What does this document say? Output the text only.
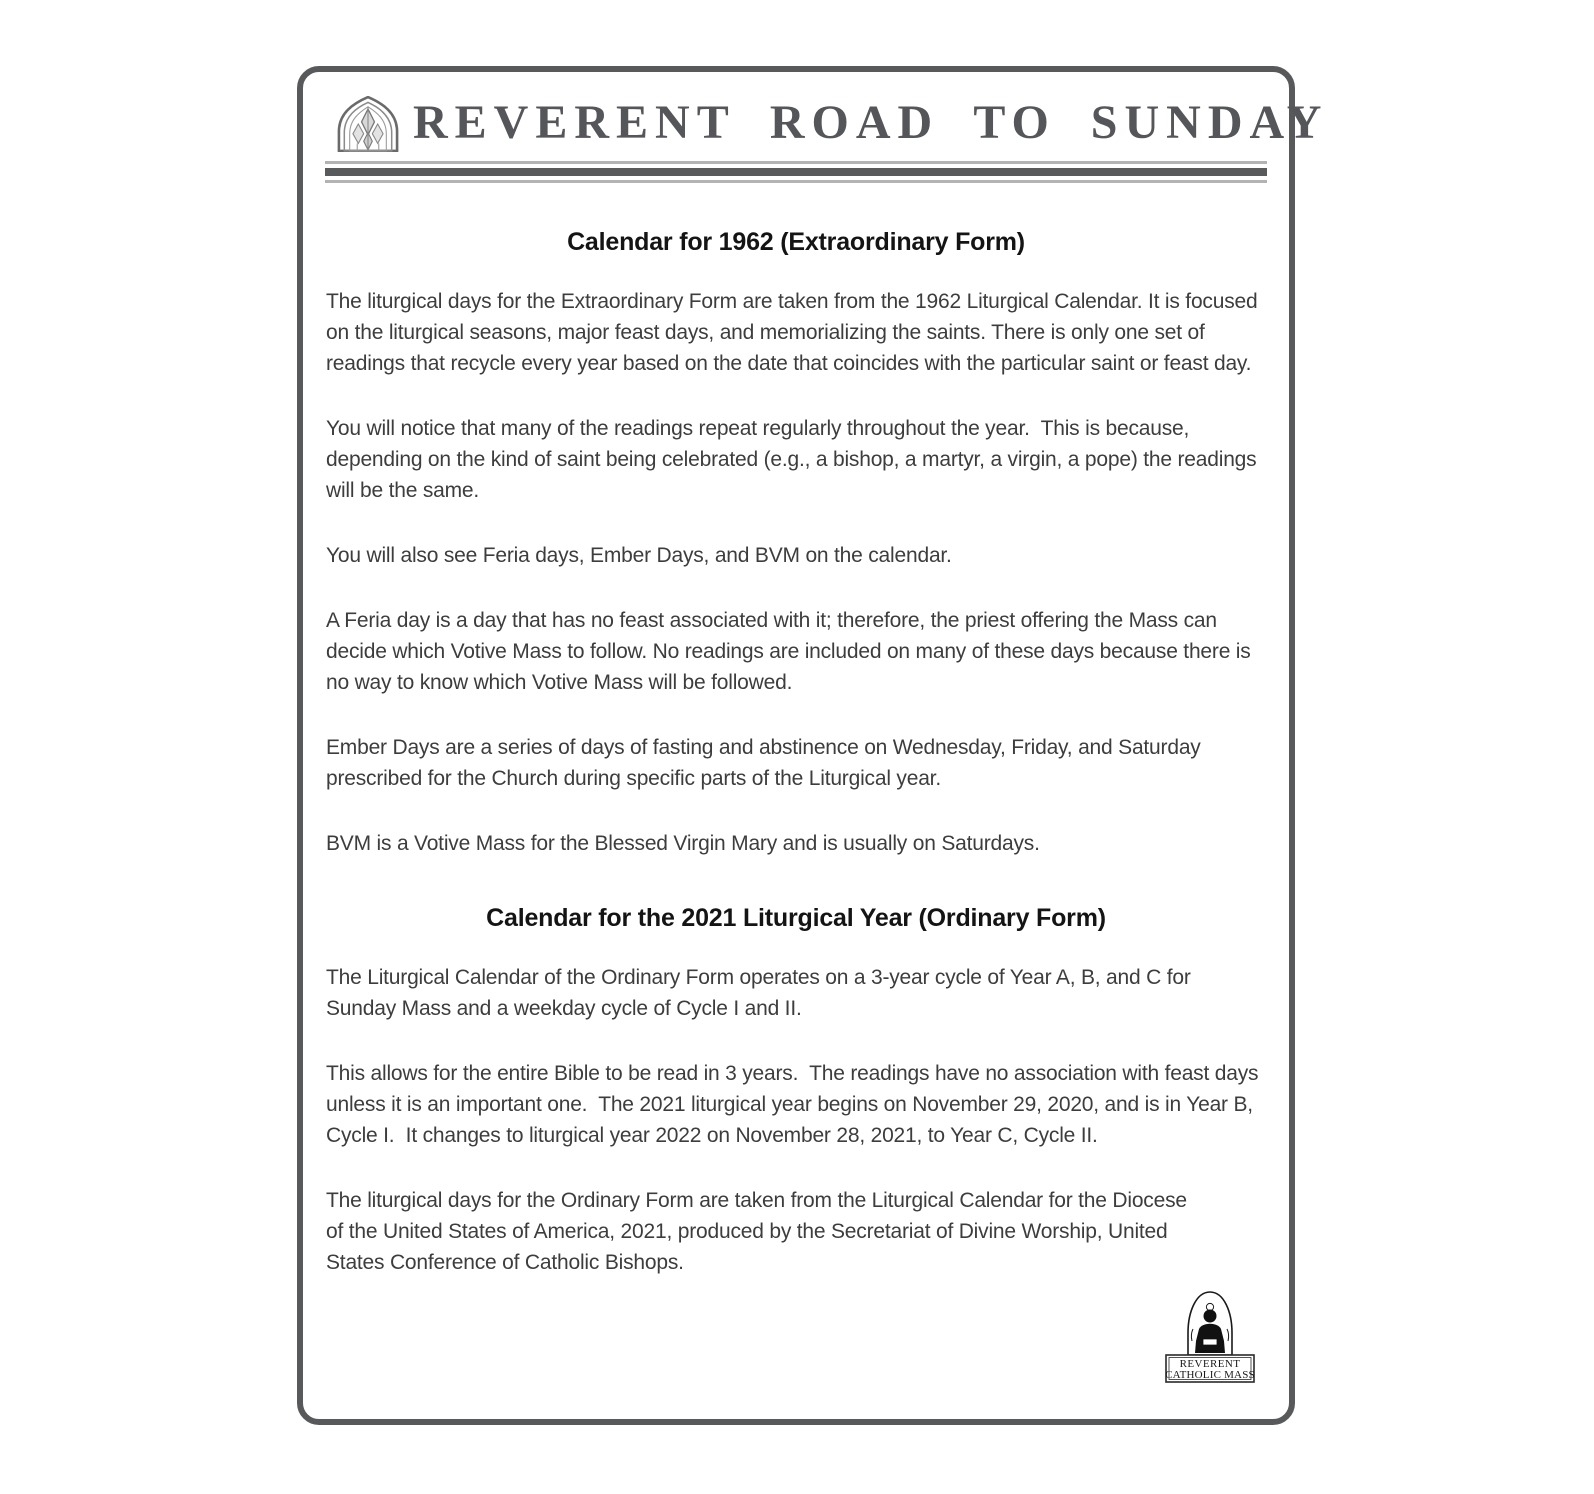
REVERENT ROAD TO SUNDAY
Calendar for 1962 (Extraordinary Form)

The liturgical days for the Extraordinary Form are taken from the 1962 Liturgical Calendar. It is focused on the liturgical seasons, major feast days, and memorializing the saints. There is only one set of readings that recycle every year based on the date that coincides with the particular saint or feast day.

You will notice that many of the readings repeat regularly throughout the year.  This is because, depending on the kind of saint being celebrated (e.g., a bishop, a martyr, a virgin, a pope) the readings will be the same.

You will also see Feria days, Ember Days, and BVM on the calendar.

A Feria day is a day that has no feast associated with it; therefore, the priest offering the Mass can decide which Votive Mass to follow. No readings are included on many of these days because there is no way to know which Votive Mass will be followed.

Ember Days are a series of days of fasting and abstinence on Wednesday, Friday, and Saturday prescribed for the Church during specific parts of the Liturgical year.

BVM is a Votive Mass for the Blessed Virgin Mary and is usually on Saturdays.

Calendar for the 2021 Liturgical Year (Ordinary Form)

The Liturgical Calendar of the Ordinary Form operates on a 3-year cycle of Year A, B, and C for Sunday Mass and a weekday cycle of Cycle I and II.

This allows for the entire Bible to be read in 3 years.  The readings have no association with feast days unless it is an important one.  The 2021 liturgical year begins on November 29, 2020, and is in Year B, Cycle I.  It changes to liturgical year 2022 on November 28, 2021, to Year C, Cycle II.

The liturgical days for the Ordinary Form are taken from the Liturgical Calendar for the Diocese of the United States of America, 2021, produced by the Secretariat of Divine Worship, United States Conference of Catholic Bishops.

REVERENT
CATHOLIC MASS
